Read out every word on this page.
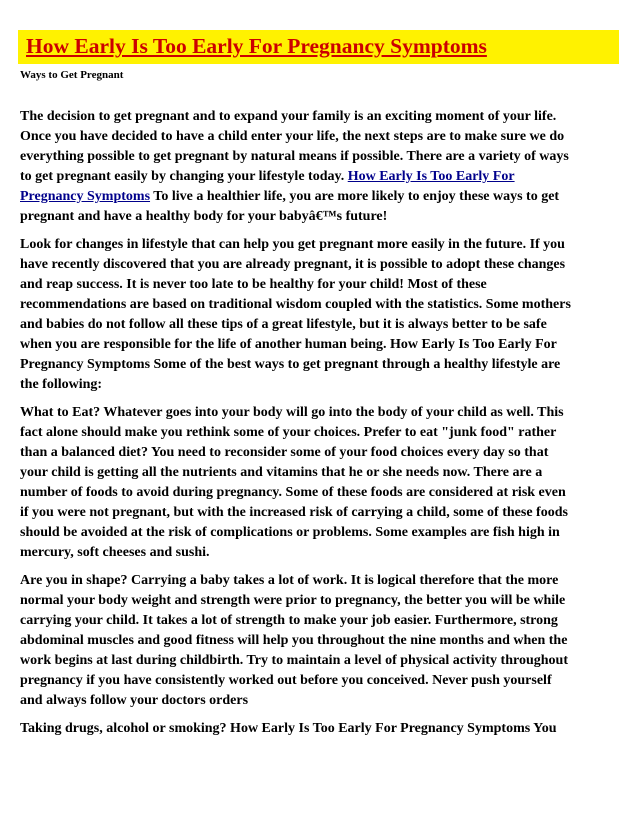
How Early Is Too Early For Pregnancy Symptoms
Ways to Get Pregnant

The decision to get pregnant and to expand your family is an exciting moment of your life.
Once you have decided to have a child enter your life, the next steps are to make sure we do
everything possible to get pregnant by natural means if possible. There are a variety of ways
to get pregnant easily by changing your lifestyle today. How Early Is Too Early For
Pregnancy Symptoms To live a healthier life, you are more likely to enjoy these ways to get
pregnant and have a healthy body for your babyâ€™s future!

Look for changes in lifestyle that can help you get pregnant more easily in the future. If you
have recently discovered that you are already pregnant, it is possible to adopt these changes
and reap success. It is never too late to be healthy for your child! Most of these
recommendations are based on traditional wisdom coupled with the statistics. Some mothers
and babies do not follow all these tips of a great lifestyle, but it is always better to be safe
when you are responsible for the life of another human being. How Early Is Too Early For
Pregnancy Symptoms Some of the best ways to get pregnant through a healthy lifestyle are
the following:

What to Eat? Whatever goes into your body will go into the body of your child as well. This
fact alone should make you rethink some of your choices. Prefer to eat "junk food" rather
than a balanced diet? You need to reconsider some of your food choices every day so that
your child is getting all the nutrients and vitamins that he or she needs now. There are a
number of foods to avoid during pregnancy. Some of these foods are considered at risk even
if you were not pregnant, but with the increased risk of carrying a child, some of these foods
should be avoided at the risk of complications or problems. Some examples are fish high in
mercury, soft cheeses and sushi.

Are you in shape? Carrying a baby takes a lot of work. It is logical therefore that the more
normal your body weight and strength were prior to pregnancy, the better you will be while
carrying your child. It takes a lot of strength to make your job easier. Furthermore, strong
abdominal muscles and good fitness will help you throughout the nine months and when the
work begins at last during childbirth. Try to maintain a level of physical activity throughout
pregnancy if you have consistently worked out before you conceived. Never push yourself
and always follow your doctors orders

Taking drugs, alcohol or smoking? How Early Is Too Early For Pregnancy Symptoms You
